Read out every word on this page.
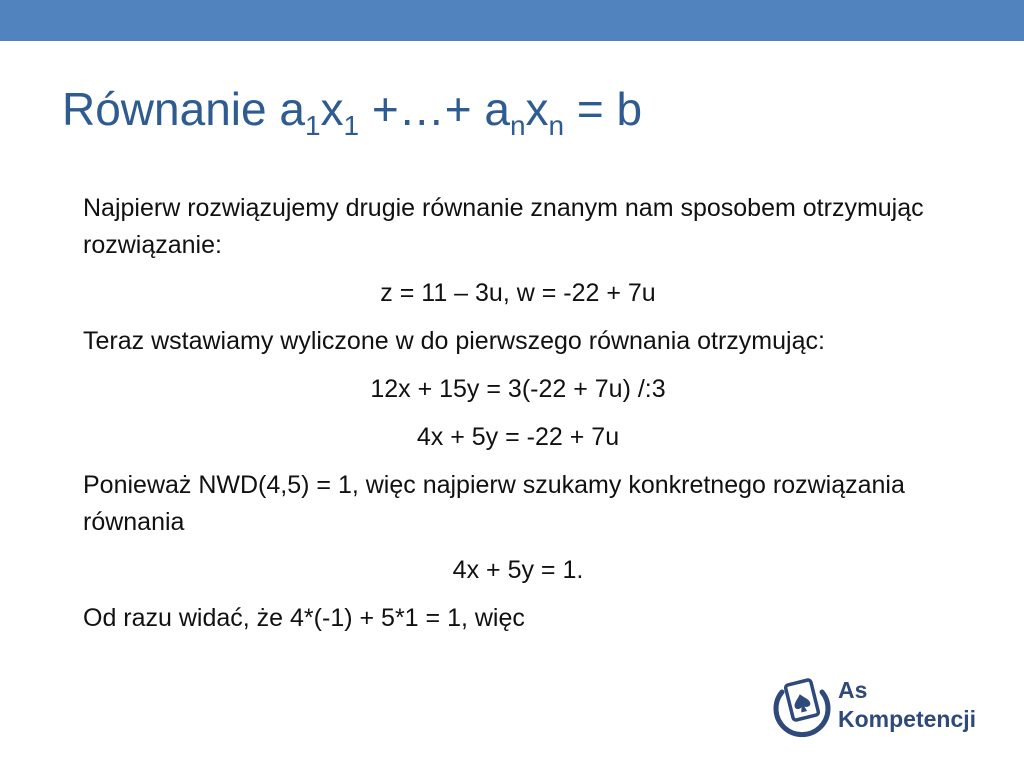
Równanie $a_1x_1$ +…+ $a_nx_n = b$
Najpierw rozwiązujemy drugie równanie znanym nam sposobem otrzymując rozwiązanie:
z = 11 – 3u, w = -22 + 7u
Teraz wstawiamy wyliczone w do pierwszego równania otrzymując:
12x + 15y = 3(-22 + 7u) /:3
4x + 5y = -22 + 7u
Ponieważ NWD(4,5) = 1, więc najpierw szukamy konkretnego rozwiązania równania
4x + 5y = 1.
Od razu widać, że 4*(-1) + 5*1 = 1, więc
As
Kompetencji
